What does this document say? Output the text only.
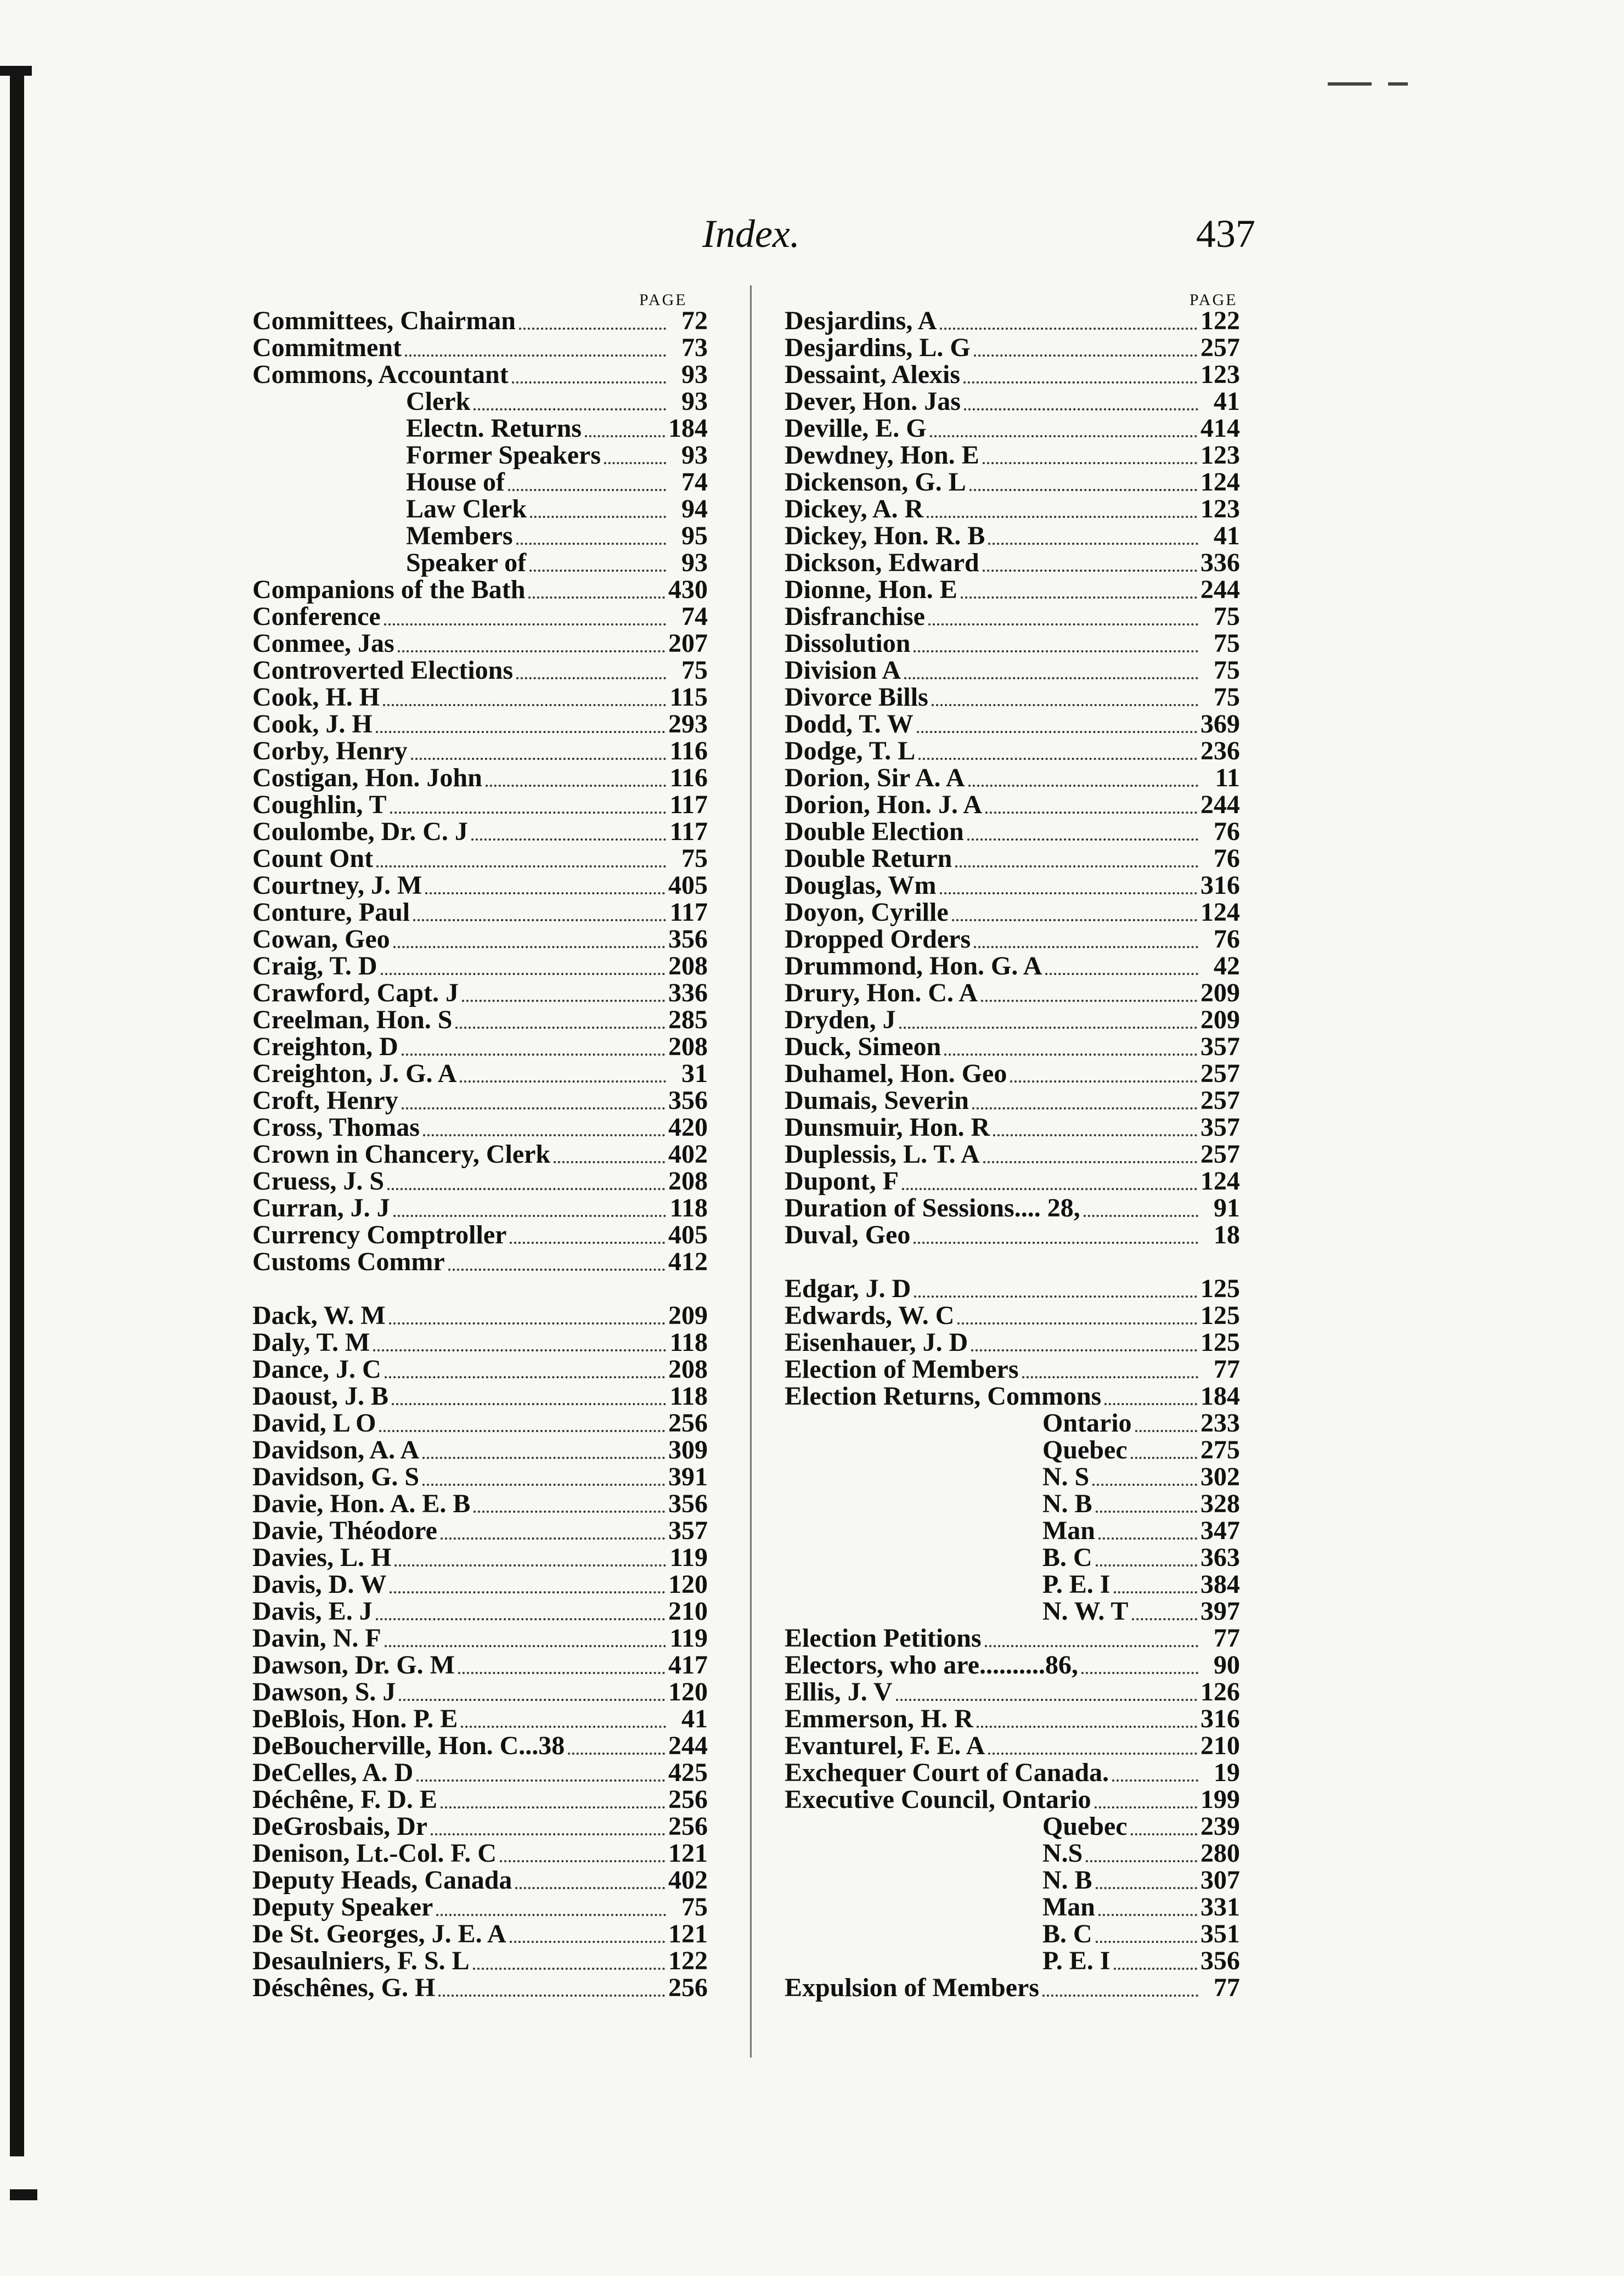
Index.	437
PAGE	PAGE
Committees, Chairman	72
Commitment	73
Commons, Accountant	93
Clerk	93
Electn. Returns	184
Former Speakers	93
House of	74
Law Clerk	94
Members	95
Speaker of	93
Companions of the Bath	430
Conference	74
Conmee, Jas	207
Controverted Elections	75
Cook, H. H	115
Cook, J. H	293
Corby, Henry	116
Costigan, Hon. John	116
Coughlin, T	117
Coulombe, Dr. C. J	117
Count Ont	75
Courtney, J. M	405
Conture, Paul	117
Cowan, Geo	356
Craig, T. D	208
Crawford, Capt. J	336
Creelman, Hon. S	285
Creighton, D	208
Creighton, J. G. A	31
Croft, Henry	356
Cross, Thomas	420
Crown in Chancery, Clerk	402
Cruess, J. S	208
Curran, J. J	118
Currency Comptroller	405
Customs Commr	412
Dack, W. M	209
Daly, T. M	118
Dance, J. C	208
Daoust, J. B	118
David, L O	256
Davidson, A. A	309
Davidson, G. S	391
Davie, Hon. A. E. B	356
Davie, Théodore	357
Davies, L. H	119
Davis, D. W	120
Davis, E. J	210
Davin, N. F	119
Dawson, Dr. G. M	417
Dawson, S. J	120
DeBlois, Hon. P. E	41
DeBoucherville, Hon. C...38	244
DeCelles, A. D	425
Déchêne, F. D. E	256
DeGrosbais, Dr	256
Denison, Lt.-Col. F. C	121
Deputy Heads, Canada	402
Deputy Speaker	75
De St. Georges, J. E. A	121
Desaulniers, F. S. L	122
Déschênes, G. H	256
Desjardins, A	122
Desjardins, L. G	257
Dessaint, Alexis	123
Dever, Hon. Jas	41
Deville, E. G	414
Dewdney, Hon. E	123
Dickenson, G. L	124
Dickey, A. R	123
Dickey, Hon. R. B	41
Dickson, Edward	336
Dionne, Hon. E	244
Disfranchise	75
Dissolution	75
Division A	75
Divorce Bills	75
Dodd, T. W	369
Dodge, T. L	236
Dorion, Sir A. A	11
Dorion, Hon. J. A	244
Double Election	76
Double Return	76
Douglas, Wm	316
Doyon, Cyrille	124
Dropped Orders	76
Drummond, Hon. G. A	42
Drury, Hon. C. A	209
Dryden, J	209
Duck, Simeon	357
Duhamel, Hon. Geo	257
Dumais, Severin	257
Dunsmuir, Hon. R	357
Duplessis, L. T. A	257
Dupont, F	124
Duration of Sessions.... 28,	91
Duval, Geo	18
Edgar, J. D	125
Edwards, W. C	125
Eisenhauer, J. D	125
Election of Members	77
Election Returns, Commons	184
Ontario	233
Quebec	275
N. S	302
N. B	328
Man	347
B. C	363
P. E. I	384
N. W. T	397
Election Petitions	77
Electors, who are..........86,	90
Ellis, J. V	126
Emmerson, H. R	316
Evanturel, F. E. A	210
Exchequer Court of Canada.	19
Executive Council, Ontario	199
Quebec	239
N.S	280
N. B	307
Man	331
B. C	351
P. E. I	356
Expulsion of Members	77
